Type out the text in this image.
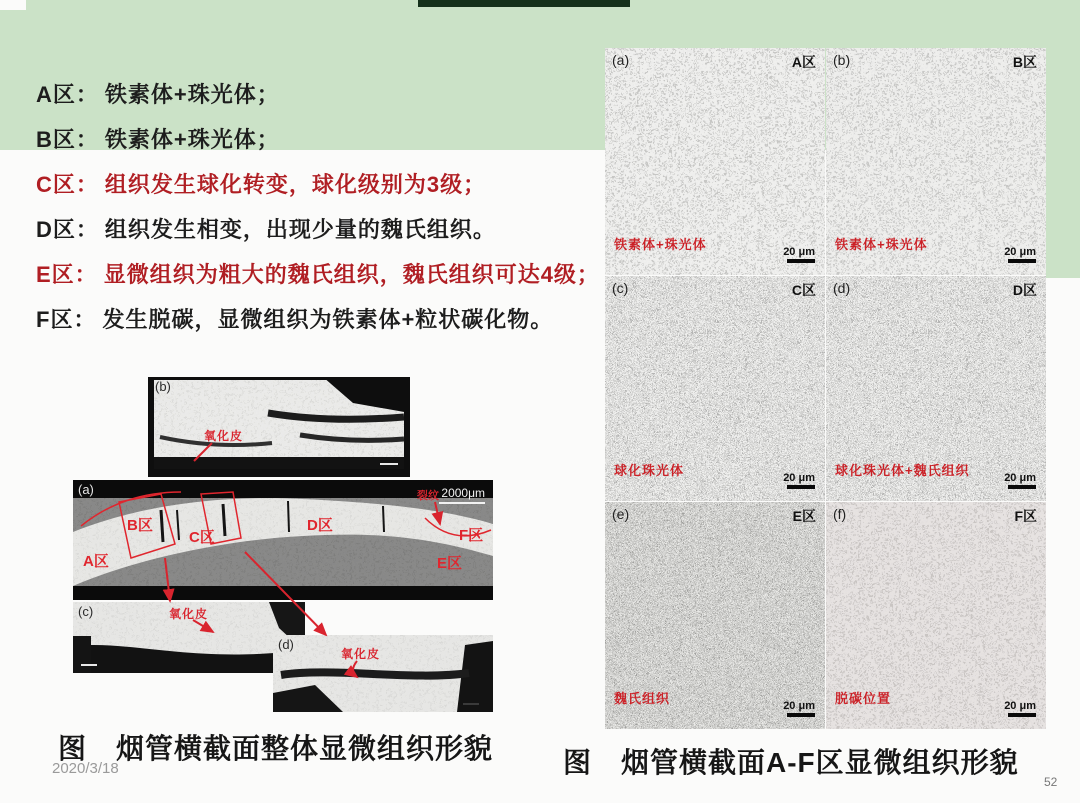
A区： 铁素体+珠光体；
B区： 铁素体+珠光体；
C区： 组织发生球化转变，球化级别为3级；
D区： 组织发生相变，出现少量的魏氏组织。
E区： 显微组织为粗大的魏氏组织，魏氏组织可达4级；
F区： 发生脱碳，显微组织为铁素体+粒状碳化物。
(b)
氧化皮
(a)
A区
B区
C区
D区
E区
F区
裂纹 2000μm
(c)	氧化皮
(d)
氧化皮
(a)	A区
铁素体+珠光体	20 μm
(b)	B区
铁素体+珠光体	20 μm
(c)	C区
球化珠光体	20 μm
(d)	D区
球化珠光体+魏氏组织	20 μm
(e)	E区
魏氏组织	20 μm
(f)	F区
脱碳位置	20 μm
2020/3/18
图　烟管横截面整体显微组织形貌 图　烟管横截面A-F区显微组织形貌
52
